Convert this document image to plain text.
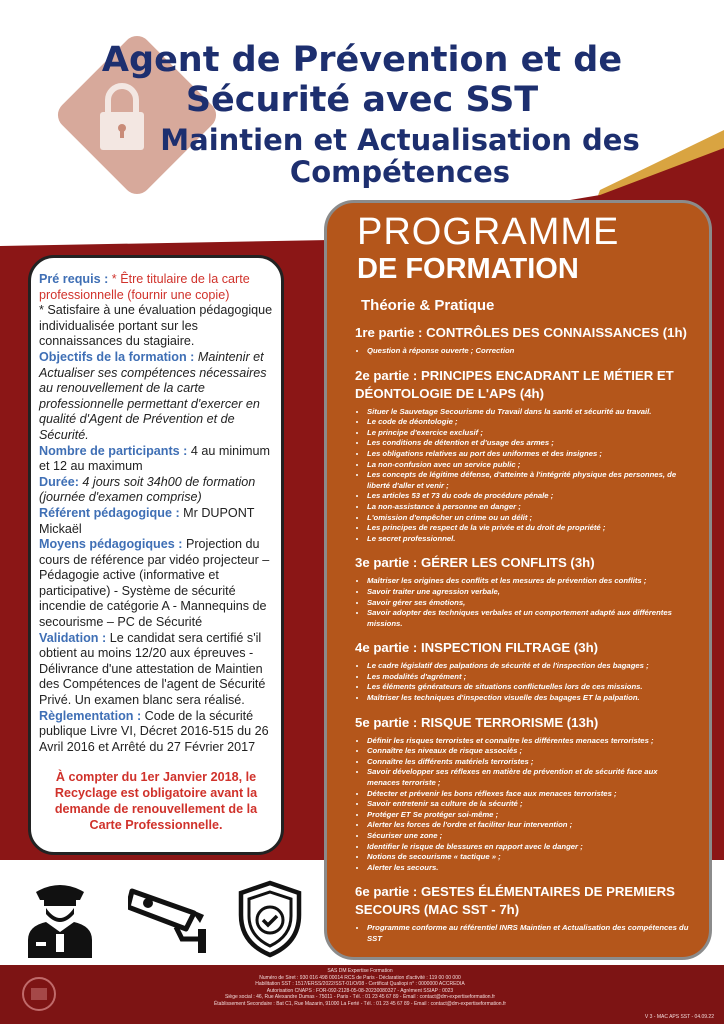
Agent de Prévention et de
Sécurité avec SST
Maintien et Actualisation des
Compétences

Pré requis : * Être titulaire de la carte professionnelle (fournir une copie)

* Satisfaire à une évaluation pédagogique individualisée portant sur les connaissances du stagiaire.

Objectifs de la formation : Maintenir et Actualiser ses compétences nécessaires au renouvellement de la carte professionnelle permettant d'exercer en qualité d'Agent de Prévention et de Sécurité.

Nombre de participants : 4 au minimum et 12 au maximum

Durée: 4 jours soit 34h00 de formation (journée d'examen comprise)

Référent pédagogique : Mr DUPONT Mickaël

Moyens pédagogiques : Projection du cours de référence par vidéo projecteur – Pédagogie active (informative et participative) - Système de sécurité incendie de catégorie A - Mannequins de secourisme – PC de Sécurité

Validation : Le candidat sera certifié s'il obtient au moins 12/20 aux épreuves - Délivrance d'une attestation de Maintien des Compétences de l'agent de Sécurité Privé. Un examen blanc sera réalisé.

Règlementation : Code de la sécurité publique Livre VI, Décret 2016-515 du 26 Avril 2016 et Arrêté du 27 Février 2017

À compter du 1er Janvier 2018, le Recyclage est obligatoire avant la demande de renouvellement de la Carte Professionnelle.

PROGRAMME
DE FORMATION
Théorie & Pratique
1re partie : CONTRÔLES DES CONNAISSANCES (1h)
• Question à réponse ouverte ; Correction
2e partie : PRINCIPES ENCADRANT LE MÉTIER ET DÉONTOLOGIE DE L'APS (4h)
• Situer le Sauvetage Secourisme du Travail dans la santé et sécurité au travail.
• Le code de déontologie ;
• Le principe d'exercice exclusif ;
• Les conditions de détention et d'usage des armes ;
• Les obligations relatives au port des uniformes et des insignes ;
• La non-confusion avec un service public ;
• Les concepts de légitime défense, d'atteinte à l'intégrité physique des personnes, de liberté d'aller et venir ;
• Les articles 53 et 73 du code de procédure pénale ;
• La non-assistance à personne en danger ;
• L'omission d'empêcher un crime ou un délit ;
• Les principes de respect de la vie privée et du droit de propriété ;
• Le secret professionnel.
3e partie : GÉRER LES CONFLITS (3h)
• Maîtriser les origines des conflits et les mesures de prévention des conflits ;
• Savoir traiter une agression verbale,
• Savoir gérer ses émotions,
• Savoir adopter des techniques verbales et un comportement adapté aux différentes missions.
4e partie : INSPECTION FILTRAGE (3h)
• Le cadre législatif des palpations de sécurité et de l'inspection des bagages ;
• Les modalités d'agrément ;
• Les éléments générateurs de situations conflictuelles lors de ces missions.
• Maîtriser les techniques d'inspection visuelle des bagages ET la palpation.
5e partie : RISQUE TERRORISME (13h)
• Définir les risques terroristes et connaître les différentes menaces terroristes ;
• Connaître les niveaux de risque associés ;
• Connaître les différents matériels terroristes ;
• Savoir développer ses réflexes en matière de prévention et de sécurité face aux menaces terroriste ;
• Détecter et prévenir les bons réflexes face aux menaces terroristes ;
• Savoir entretenir sa culture de la sécurité ;
• Protéger ET Se protéger soi-même ;
• Alerter les forces de l'ordre et faciliter leur intervention ;
• Sécuriser une zone ;
• Identifier le risque de blessures en rapport avec le danger ;
• Notions de secourisme « tactique » ;
• Alerter les secours.
6e partie : GESTES ÉLÉMENTAIRES DE PREMIERS SECOURS (MAC SST - 7h)
• Programme conforme au référentiel INRS Maintien et Actualisation des compétences du SST
SAS DM Expertise Formation
Numéro de Siret : 930 016 498 00014 RCS de Paris - Déclaration d'activité : 119 00 00 000
Habilitation SST : 1517/ERSS/2022/SST-01/O/08 - Certificat Qualiopi n° : 0000000 ACCREDIA
Autorisation CNAPS : FOR-092-2128-05-08-20230080327 - Agrément SSIAP : 0023
Siège social : 46, Rue Alexandre Dumas - 75011 - Paris - Tél. : 01 23 45 67 89 - Email : contact@dm-expertiseformation.fr
Établissement Secondaire : Bat C1, Rue Mazarin, 91000 La Ferté - Tél. : 01 23 45 67 89 - Email : contact@dm-expertiseformation.fr
V 3 - MAC APS SST - 04.09.22
